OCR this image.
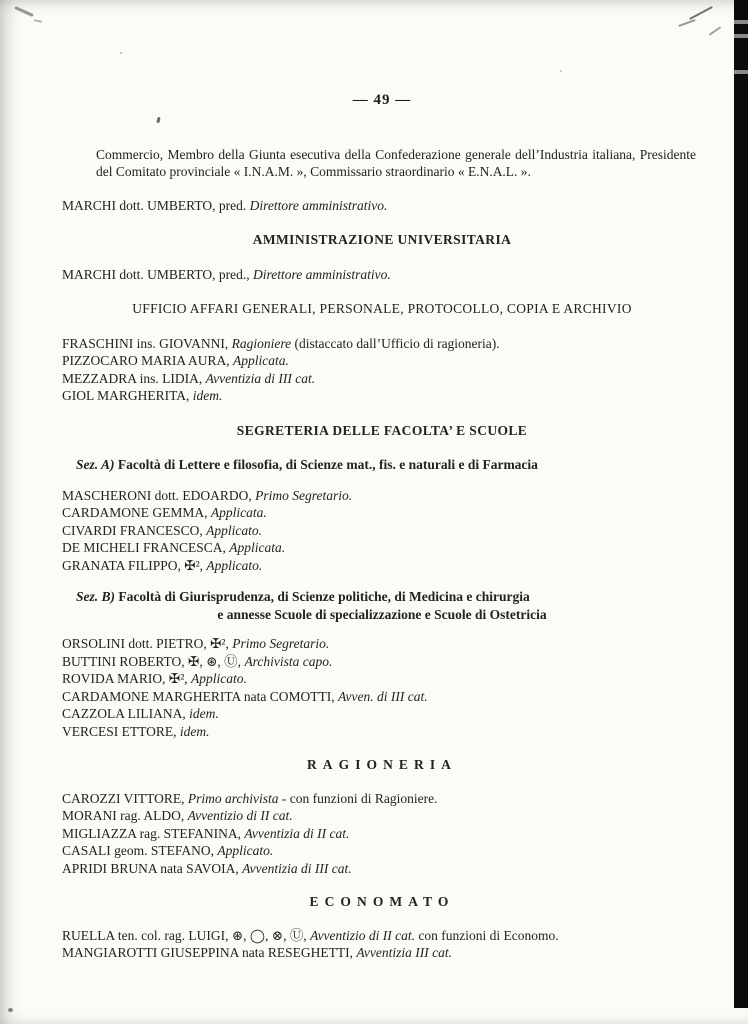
— 49 —
Commercio, Membro della Giunta esecutiva della Confederazione generale dell’Industria italiana, Presidente del Comitato provinciale « I.N.A.M. », Commissario straordinario « E.N.A.L. ».
MARCHI dott. UMBERTO, pred. Direttore amministrativo.
AMMINISTRAZIONE UNIVERSITARIA
MARCHI dott. UMBERTO, pred., Direttore amministrativo.
UFFICIO AFFARI GENERALI, PERSONALE, PROTOCOLLO, COPIA E ARCHIVIO
FRASCHINI ins. GIOVANNI, Ragioniere (distaccato dall’Ufficio di ragioneria).
PIZZOCARO MARIA AURA, Applicata.
MEZZADRA ins. LIDIA, Avventizia di III cat.
GIOL MARGHERITA, idem.
SEGRETERIA DELLE FACOLTA’ E SCUOLE
Sez. A) Facoltà di Lettere e filosofia, di Scienze mat., fis. e naturali e di Farmacia
MASCHERONI dott. EDOARDO, Primo Segretario.
CARDAMONE GEMMA, Applicata.
CIVARDI FRANCESCO, Applicato.
DE MICHELI FRANCESCA, Applicata.
GRANATA FILIPPO, ✠², Applicato.
Sez. B) Facoltà di Giurisprudenza, di Scienze politiche, di Medicina e chirurgia
e annesse Scuole di specializzazione e Scuole di Ostetricia
ORSOLINI dott. PIETRO, ✠², Primo Segretario.
BUTTINI ROBERTO, ✠, ⊛, Ⓤ, Archivista capo.
ROVIDA MARIO, ✠², Applicato.
CARDAMONE MARGHERITA nata COMOTTI, Avven. di III cat.
CAZZOLA LILIANA, idem.
VERCESI ETTORE, idem.
RAGIONERIA
CAROZZI VITTORE, Primo archivista - con funzioni di Ragioniere.
MORANI rag. ALDO, Avventizio di II cat.
MIGLIAZZA rag. STEFANINA, Avventizia di II cat.
CASALI geom. STEFANO, Applicato.
APRIDI BRUNA nata SAVOIA, Avventizia di III cat.
ECONOMATO
RUELLA ten. col. rag. LUIGI, ⊛, ◯, ⊗, Ⓤ, Avventizio di II cat. con funzioni di Economo.
MANGIAROTTI GIUSEPPINA nata RESEGHETTI, Avventizia III cat.
